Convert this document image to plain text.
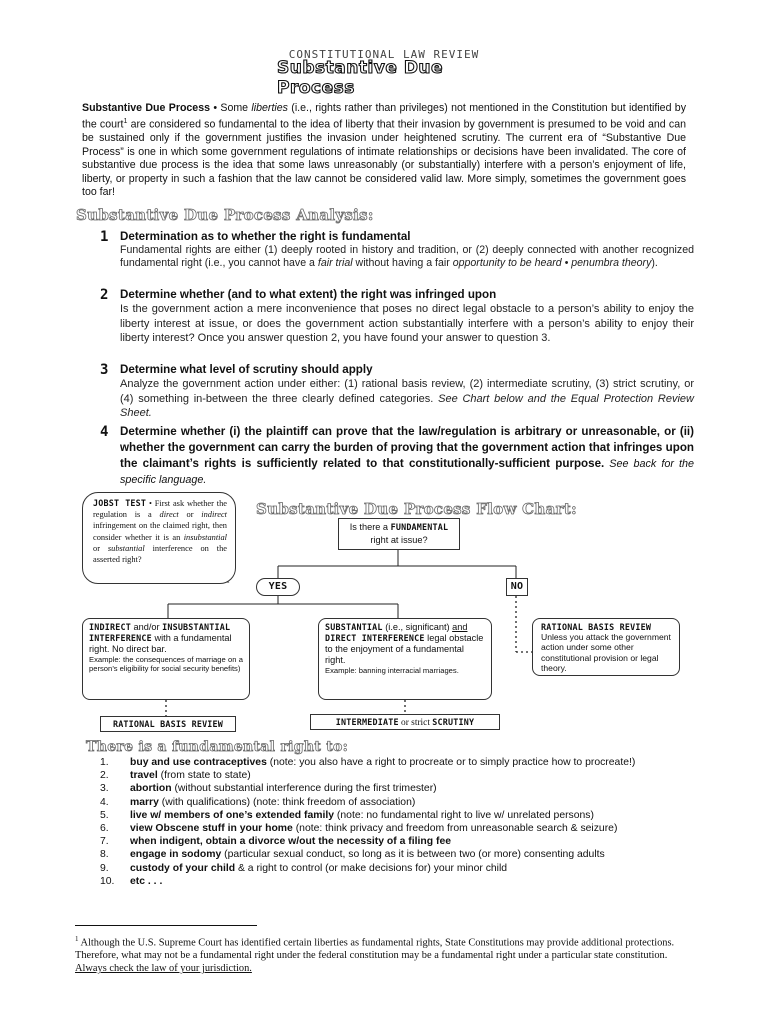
CONSTITUTIONAL LAW REVIEW
Substantive Due Process
Substantive Due Process • Some liberties (i.e., rights rather than privileges) not mentioned in the Constitution but identified by the court$^1$ are considered so fundamental to the idea of liberty that their invasion by government is presumed to be void and can be sustained only if the government justifies the invasion under heightened scrutiny. The current era of “Substantive Due Process” is one in which some government regulations of intimate relationships or decisions have been invalidated. The core of substantive due process is the idea that some laws unreasonably (or substantially) interfere with a person’s enjoyment of life, liberty, or property in such a fashion that the law cannot be considered valid law. More simply, sometimes the government goes too far!
Substantive Due Process Analysis:
1 Determination as to whether the right is fundamental
Fundamental rights are either (1) deeply rooted in history and tradition, or (2) deeply connected with another recognized fundamental right (i.e., you cannot have a fair trial without having a fair opportunity to be heard • penumbra theory).
2 Determine whether (and to what extent) the right was infringed upon
Is the government action a mere inconvenience that poses no direct legal obstacle to a person’s ability to enjoy the liberty interest at issue, or does the government action substantially interfere with a person’s ability to enjoy their liberty interest? Once you answer question 2, you have found your answer to question 3.
3 Determine what level of scrutiny should apply
Analyze the government action under either: (1) rational basis review, (2) intermediate scrutiny, (3) strict scrutiny, or (4) something in-between the three clearly defined categories. See Chart below and the Equal Protection Review Sheet.
4 Determine whether (i) the plaintiff can prove that the law/regulation is arbitrary or unreasonable, or (ii) whether the government can carry the burden of proving that the government action that infringes upon the claimant’s rights is sufficiently related to that constitutionally-sufficient purpose. See back for the specific language.
JOBST TEST • First ask whether the regulation is a direct or indirect infringement on the claimed right, then consider whether it is an insubstantial or substantial interference on the asserted right?
Substantive Due Process Flow Chart:
Is there a FUNDAMENTAL
right at issue?
YES	NO
INDIRECT and/or INSUBSTANTIAL
INTERFERENCE with a fundamental right. No direct bar.
Example: the consequences of marriage on a person’s eligibility for social security benefits)
SUBSTANTIAL (i.e., significant) and
DIRECT INTERFERENCE legal obstacle to the enjoyment of a fundamental right.
Example: banning interracial marriages.
RATIONAL BASIS REVIEW
Unless you attack the government action under some other constitutional provision or legal theory.
RATIONAL BASIS REVIEW	INTERMEDIATE or strict SCRUTINY
There is a fundamental right to:
1.	buy and use contraceptives (note: you also have a right to procreate or to simply practice how to procreate!)
2.	travel (from state to state)
3.	abortion (without substantial interference during the first trimester)
4.	marry (with qualifications) (note: think freedom of association)
5.	live w/ members of one’s extended family (note: no fundamental right to live w/ unrelated persons)
6.	view Obscene stuff in your home (note: think privacy and freedom from unreasonable search & seizure)
7.	when indigent, obtain a divorce w/out the necessity of a filing fee
8.	engage in sodomy (particular sexual conduct, so long as it is between two (or more) consenting adults
9.	custody of your child & a right to control (or make decisions for) your minor child
10.	etc . . .
$^1$ Although the U.S. Supreme Court has identified certain liberties as fundamental rights, State Constitutions may provide additional protections. Therefore, what may not be a fundamental right under the federal constitution may be a fundamental right under a particular state constitution. Always check the law of your jurisdiction.
